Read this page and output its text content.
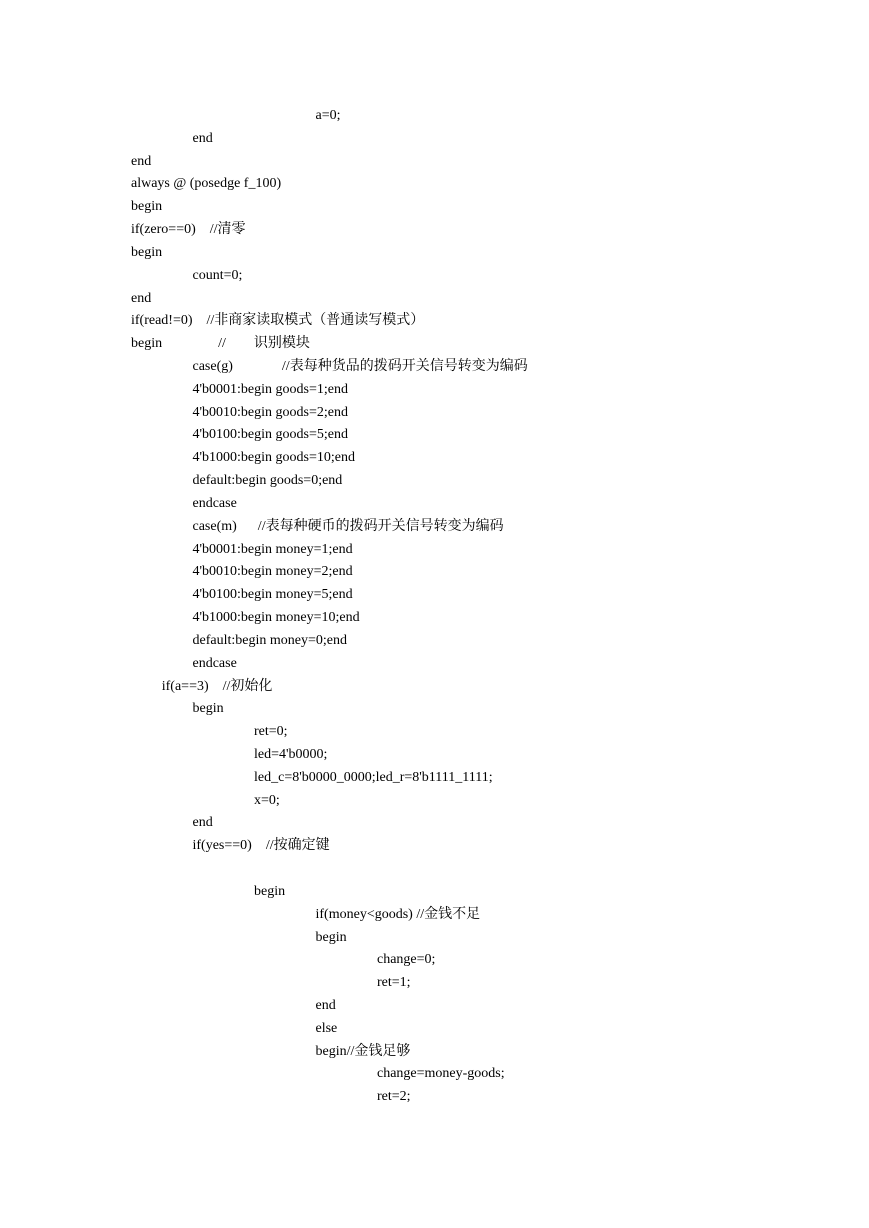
a=0;
end
end
always @ (posedge f_100)
begin
if(zero==0)    //清零
begin
count=0;
end
if(read!=0)    //非商家读取模式（普通读写模式）
begin                //        识别模块
case(g)              //表每种货品的拨码开关信号转变为编码
4'b0001:begin goods=1;end
4'b0010:begin goods=2;end
4'b0100:begin goods=5;end
4'b1000:begin goods=10;end
default:begin goods=0;end
endcase
case(m)      //表每种硬币的拨码开关信号转变为编码
4'b0001:begin money=1;end
4'b0010:begin money=2;end
4'b0100:begin money=5;end
4'b1000:begin money=10;end
default:begin money=0;end
endcase
if(a==3)    //初始化
begin
ret=0;
led=4'b0000;
led_c=8'b0000_0000;led_r=8'b1111_1111;
x=0;
end
if(yes==0)    //按确定键
begin
if(money<goods) //金钱不足
begin
change=0;
ret=1;
end
else
begin//金钱足够
change=money-goods;
ret=2;
